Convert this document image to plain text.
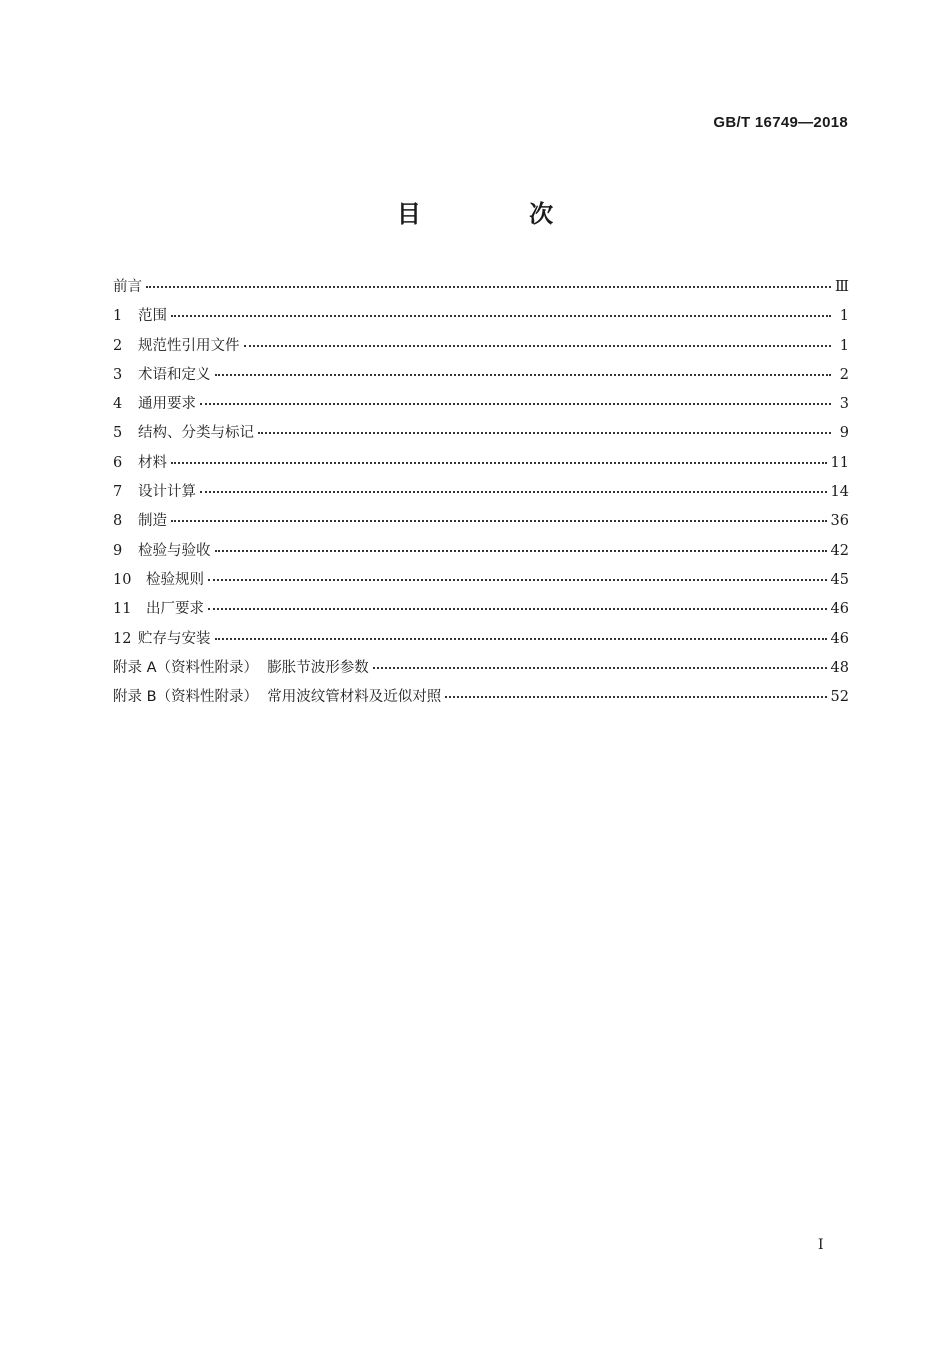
GB/T 16749—2018
目 次
前言	Ⅲ
1	范围	1
2	规范性引用文件	1
3	术语和定义	2
4	通用要求	3
5	结构、分类与标记	9
6	材料	11
7	设计计算	14
8	制造	36
9	检验与验收	42
10	检验规则	45
11	出厂要求	46
12 贮存与安装	46
附录 A（资料性附录）  膨胀节波形参数	48
附录 B（资料性附录）  常用波纹管材料及近似对照	52
I
